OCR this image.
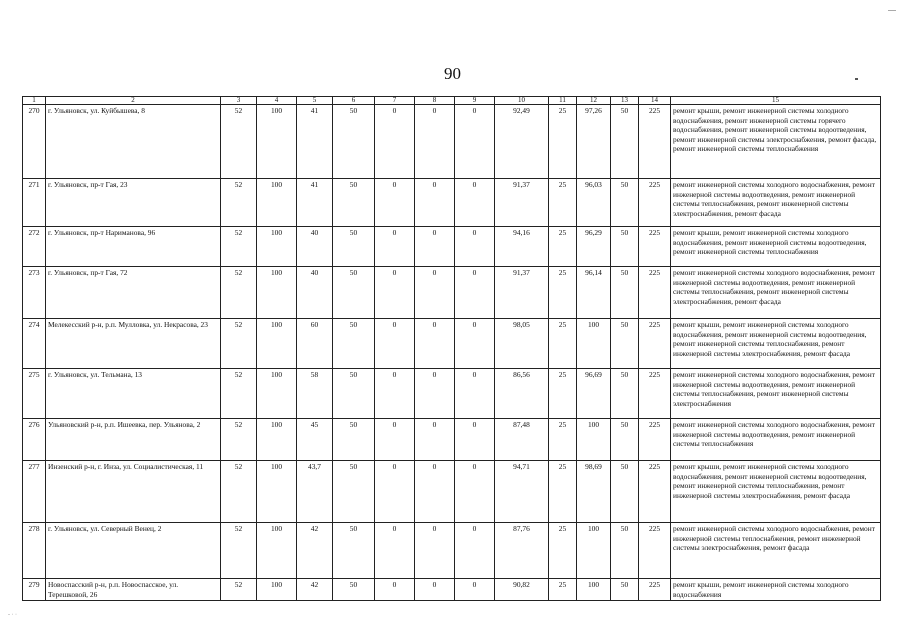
90
- · ·
1	2	3	4	5	6	7	8	9	10	11	12	13	14	15
270	г. Ульяновск, ул. Куйбышева, 8	52	100	41	50	0	0	0	92,49	25	97,26	50	225	ремонт крыши, ремонт инженерной системы холодного водоснабжения, ремонт инженерной системы горячего водоснабжения, ремонт инженерной системы водоотведения, ремонт инженерной системы электроснабжения, ремонт фасада, ремонт инженерной системы теплоснабжения
271	г. Ульяновск, пр-т Гая, 23	52	100	41	50	0	0	0	91,37	25	96,03	50	225	ремонт инженерной системы холодного водоснабжения, ремонт инженерной системы водоотведения, ремонт инженерной системы теплоснабжения, ремонт инженерной системы электроснабжения, ремонт фасада
272	г. Ульяновск, пр-т Нариманова, 96	52	100	40	50	0	0	0	94,16	25	96,29	50	225	ремонт крыши, ремонт инженерной системы холодного водоснабжения, ремонт инженерной системы водоотведения, ремонт инженерной системы теплоснабжения
273	г. Ульяновск, пр-т Гая, 72	52	100	40	50	0	0	0	91,37	25	96,14	50	225	ремонт инженерной системы холодного водоснабжения, ремонт инженерной системы водоотведения, ремонт инженерной системы теплоснабжения, ремонт инженерной системы электроснабжения, ремонт фасада
274	Мелекесский р-н, р.п. Мулловка, ул. Некрасова, 23	52	100	60	50	0	0	0	98,05	25	100	50	225	ремонт крыши, ремонт инженерной системы холодного водоснабжения, ремонт инженерной системы водоотведения, ремонт инженерной системы теплоснабжения, ремонт инженерной системы электроснабжения, ремонт фасада
275	г. Ульяновск, ул. Тельмана, 13	52	100	58	50	0	0	0	86,56	25	96,69	50	225	ремонт инженерной системы холодного водоснабжения, ремонт инженерной системы водоотведения, ремонт инженерной системы теплоснабжения, ремонт инженерной системы электроснабжения
276	Ульяновский р-н, р.п. Ишеевка, пер. Ульянова, 2	52	100	45	50	0	0	0	87,48	25	100	50	225	ремонт инженерной системы холодного водоснабжения, ремонт инженерной системы водоотведения, ремонт инженерной системы теплоснабжения
277	Инзенский р-н, г. Инза, ул. Социалистическая, 11	52	100	43,7	50	0	0	0	94,71	25	98,69	50	225	ремонт крыши, ремонт инженерной системы холодного водоснабжения, ремонт инженерной системы водоотведения, ремонт инженерной системы теплоснабжения, ремонт инженерной системы электроснабжения, ремонт фасада
278	г. Ульяновск, ул. Северный Венец, 2	52	100	42	50	0	0	0	87,76	25	100	50	225	ремонт инженерной системы холодного водоснабжения, ремонт инженерной системы теплоснабжения, ремонт инженерной системы электроснабжения, ремонт фасада
279	Новоспасский р-н, р.п. Новоспасское, ул. Терешковой, 26	52	100	42	50	0	0	0	90,82	25	100	50	225	ремонт крыши, ремонт инженерной системы холодного водоснабжения
